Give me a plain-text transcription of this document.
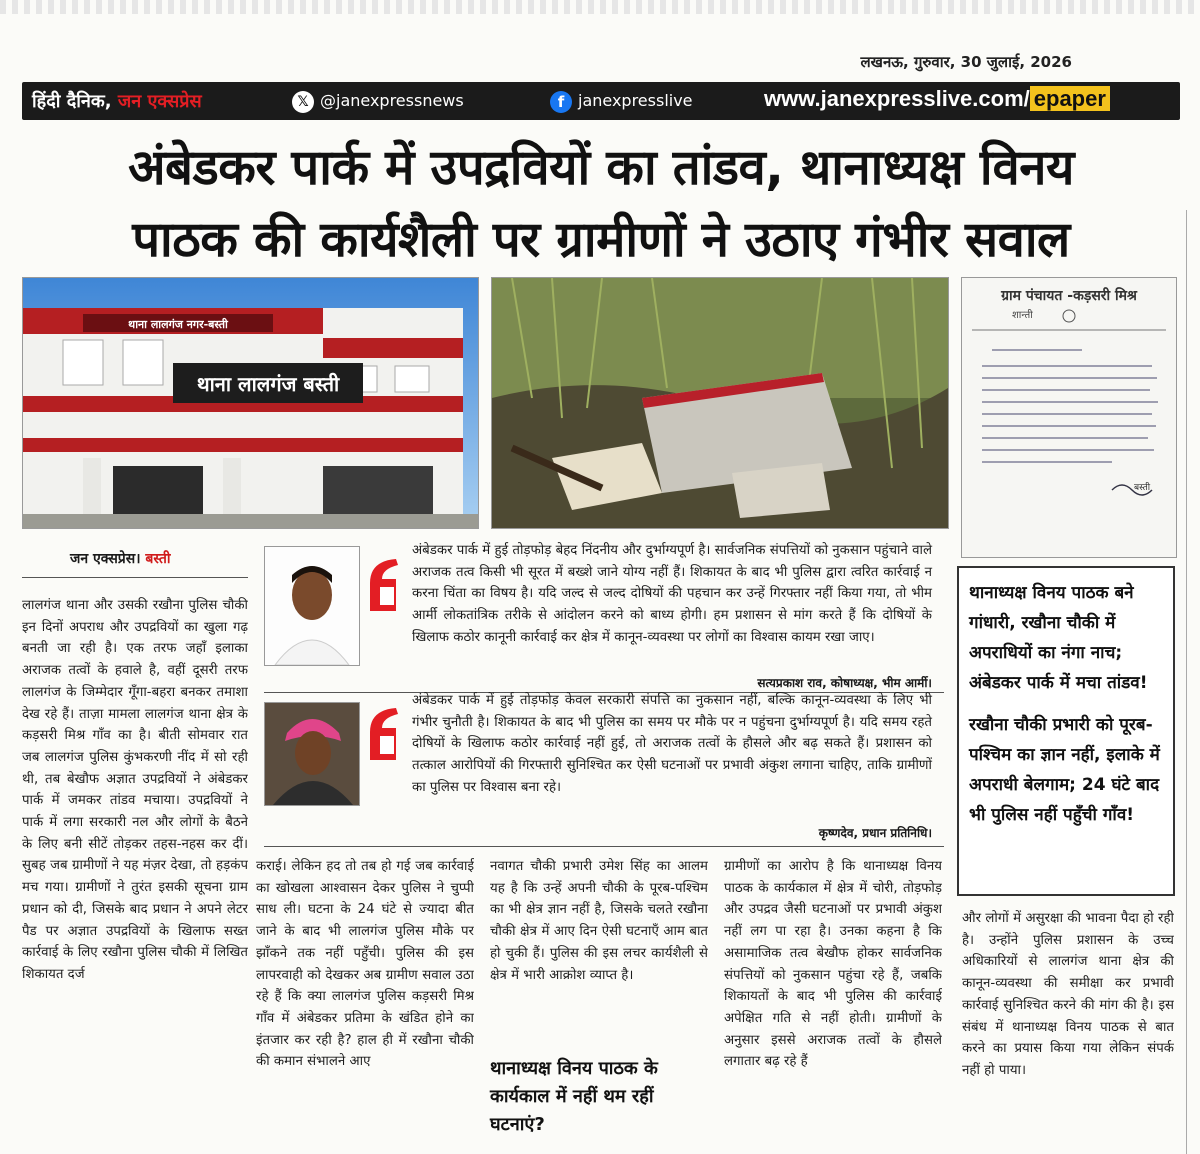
लखनऊ, गुरुवार, 30 जुलाई, 2026
हिंदी दैनिक, जन एक्सप्रेस	𝕏 @janexpressnews	f janexpresslive	www.janexpresslive.com/ epaper
अंबेडकर पार्क में उपद्रवियों का तांडव, थानाध्यक्ष विनय
पाठक की कार्यशैली पर ग्रामीणों ने उठाए गंभीर सवाल
थाना लालगंज बस्ती
थाना लालगंज नगर-बस्ती
ग्राम पंचायत -कड़सरी मिश्र
शान्ती
बस्ती
जन एक्सप्रेस। बस्ती

लालगंज थाना और उसकी रखौना पुलिस चौकी इन दिनों अपराध और उपद्रवियों का खुला गढ़ बनती जा रही है। एक तरफ जहाँ इलाका अराजक तत्वों के हवाले है, वहीं दूसरी तरफ लालगंज के जिम्मेदार गूँगा-बहरा बनकर तमाशा देख रहे हैं। ताज़ा मामला लालगंज थाना क्षेत्र के कड़सरी मिश्र गाँव का है। बीती सोमवार रात जब लालगंज पुलिस कुंभकरणी नींद में सो रही थी, तब बेखौफ अज्ञात उपद्रवियों ने अंबेडकर पार्क में जमकर तांडव मचाया। उपद्रवियों ने पार्क में लगा सरकारी नल और लोगों के बैठने के लिए बनी सीटें तोड़कर तहस-नहस कर दीं। सुबह जब ग्रामीणों ने यह मंज़र देखा, तो हड़कंप मच गया। ग्रामीणों ने तुरंत इसकी सूचना ग्राम प्रधान को दी, जिसके बाद प्रधान ने अपने लेटर पैड पर अज्ञात उपद्रवियों के खिलाफ सख्त कार्रवाई के लिए रखौना पुलिस चौकी में लिखित शिकायत दर्ज

अंबेडकर पार्क में हुई तोड़फोड़ बेहद निंदनीय और दुर्भाग्यपूर्ण है। सार्वजनिक संपत्तियों को नुकसान पहुंचाने वाले अराजक तत्व किसी भी सूरत में बख्शे जाने योग्य नहीं हैं। शिकायत के बाद भी पुलिस द्वारा त्वरित कार्रवाई न करना चिंता का विषय है। यदि जल्द से जल्द दोषियों की पहचान कर उन्हें गिरफ्तार नहीं किया गया, तो भीम आर्मी लोकतांत्रिक तरीके से आंदोलन करने को बाध्य होगी। हम प्रशासन से मांग करते हैं कि दोषियों के खिलाफ कठोर कानूनी कार्रवाई कर क्षेत्र में कानून-व्यवस्था पर लोगों का विश्वास कायम रखा जाए।
सत्यप्रकाश राव, कोषाध्यक्ष, भीम आर्मी।
अंबेडकर पार्क में हुई तोड़फोड़ केवल सरकारी संपत्ति का नुकसान नहीं, बल्कि कानून-व्यवस्था के लिए भी गंभीर चुनौती है। शिकायत के बाद भी पुलिस का समय पर मौके पर न पहुंचना दुर्भाग्यपूर्ण है। यदि समय रहते दोषियों के खिलाफ कठोर कार्रवाई नहीं हुई, तो अराजक तत्वों के हौसले और बढ़ सकते हैं। प्रशासन को तत्काल आरोपियों की गिरफ्तारी सुनिश्चित कर ऐसी घटनाओं पर प्रभावी अंकुश लगाना चाहिए, ताकि ग्रामीणों का पुलिस पर विश्वास बना रहे।
कृष्णदेव, प्रधान प्रतिनिधि।

कराई। लेकिन हद तो तब हो गई जब कार्रवाई का खोखला आश्वासन देकर पुलिस ने चुप्पी साध ली। घटना के 24 घंटे से ज्यादा बीत जाने के बाद भी लालगंज पुलिस मौके पर झाँकने तक नहीं पहुँची। पुलिस की इस लापरवाही को देखकर अब ग्रामीण सवाल उठा रहे हैं कि क्या लालगंज पुलिस कड़सरी मिश्र गाँव में अंबेडकर प्रतिमा के खंडित होने का इंतजार कर रही है? हाल ही में रखौना चौकी की कमान संभालने आए

नवागत चौकी प्रभारी उमेश सिंह का आलम यह है कि उन्हें अपनी चौकी के पूरब-पश्चिम का भी क्षेत्र ज्ञान नहीं है, जिसके चलते रखौना चौकी क्षेत्र में आए दिन ऐसी घटनाएँ आम बात हो चुकी हैं। पुलिस की इस लचर कार्यशैली से क्षेत्र में भारी आक्रोश व्याप्त है।

थानाध्यक्ष विनय पाठक के कार्यकाल में नहीं थम रहीं घटनाएं?

ग्रामीणों का आरोप है कि थानाध्यक्ष विनय पाठक के कार्यकाल में क्षेत्र में चोरी, तोड़फोड़ और उपद्रव जैसी घटनाओं पर प्रभावी अंकुश नहीं लग पा रहा है। उनका कहना है कि असामाजिक तत्व बेखौफ होकर सार्वजनिक संपत्तियों को नुकसान पहुंचा रहे हैं, जबकि शिकायतों के बाद भी पुलिस की कार्रवाई अपेक्षित गति से नहीं होती। ग्रामीणों के अनुसार इससे अराजक तत्वों के हौसले लगातार बढ़ रहे हैं

और लोगों में असुरक्षा की भावना पैदा हो रही है। उन्होंने पुलिस प्रशासन के उच्च अधिकारियों से लालगंज थाना क्षेत्र की कानून-व्यवस्था की समीक्षा कर प्रभावी कार्रवाई सुनिश्चित करने की मांग की है। इस संबंध में थानाध्यक्ष विनय पाठक से बात करने का प्रयास किया गया लेकिन संपर्क नहीं हो पाया।

थानाध्यक्ष विनय पाठक बने गांधारी, रखौना चौकी में अपराधियों का नंगा नाच; अंबेडकर पार्क में मचा तांडव!

रखौना चौकी प्रभारी को पूरब-पश्चिम का ज्ञान नहीं, इलाके में अपराधी बेलगाम; 24 घंटे बाद भी पुलिस नहीं पहुँची गाँव!
